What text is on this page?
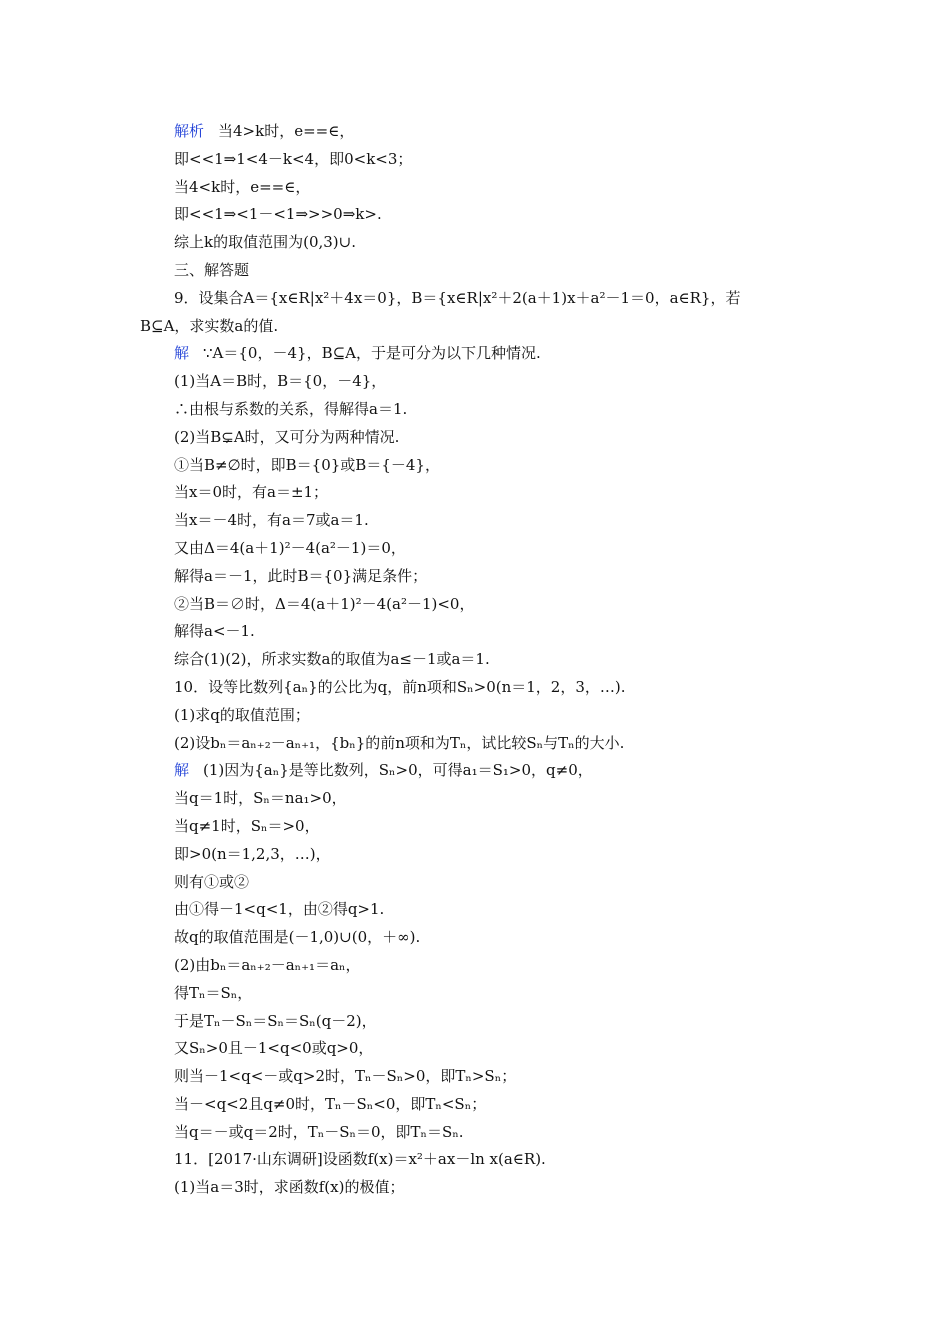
解析 当4>k时，e==∈，
即<<1⇒1<4－k<4，即0<k<3；
当4<k时，e==∈，
即<<1⇒<1－<1⇒>>0⇒k>.
综上k的取值范围为(0,3)∪.
三、解答题
9．设集合A＝{x∈R|x²＋4x＝0}，B＝{x∈R|x²＋2(a＋1)x＋a²－1＝0，a∈R}，若
B⊆A，求实数a的值.
解 ∵A＝{0，－4}，B⊆A，于是可分为以下几种情况.
(1)当A＝B时，B＝{0，－4}，
∴由根与系数的关系，得解得a＝1.
(2)当B⊊A时，又可分为两种情况.
①当B≠∅时，即B＝{0}或B＝{－4}，
当x＝0时，有a＝±1；
当x＝－4时，有a＝7或a＝1.
又由Δ＝4(a＋1)²－4(a²－1)＝0，
解得a＝－1，此时B＝{0}满足条件；
②当B＝∅时，Δ＝4(a＋1)²－4(a²－1)<0，
解得a<－1.
综合(1)(2)，所求实数a的取值为a≤－1或a＝1.
10．设等比数列{aₙ}的公比为q，前n项和Sₙ>0(n＝1，2，3，…).
(1)求q的取值范围；
(2)设bₙ＝aₙ₊₂－aₙ₊₁，{bₙ}的前n项和为Tₙ，试比较Sₙ与Tₙ的大小.
解 (1)因为{aₙ}是等比数列，Sₙ>0，可得a₁＝S₁>0，q≠0，
当q＝1时，Sₙ＝na₁>0，
当q≠1时，Sₙ＝>0，
即>0(n＝1,2,3，…)，
则有①或②
由①得－1<q<1，由②得q>1.
故q的取值范围是(－1,0)∪(0，＋∞).
(2)由bₙ＝aₙ₊₂－aₙ₊₁＝aₙ，
得Tₙ＝Sₙ，
于是Tₙ－Sₙ＝Sₙ＝Sₙ(q－2)，
又Sₙ>0且－1<q<0或q>0，
则当－1<q<－或q>2时，Tₙ－Sₙ>0，即Tₙ>Sₙ；
当－<q<2且q≠0时，Tₙ－Sₙ<0，即Tₙ<Sₙ；
当q＝－或q＝2时，Tₙ－Sₙ＝0，即Tₙ＝Sₙ.
11．[2017·山东调研]设函数f(x)＝x²＋ax－ln x(a∈R).
(1)当a＝3时，求函数f(x)的极值；
